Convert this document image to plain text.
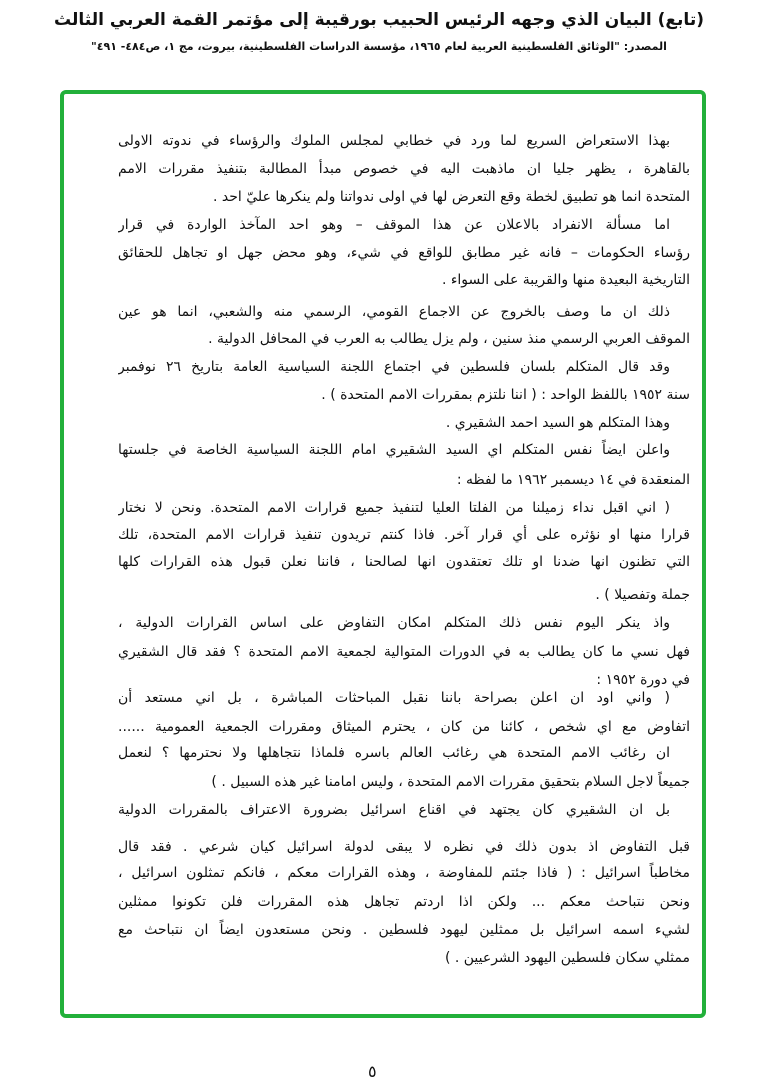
(تابع) البيان الذي وجهه الرئيس الحبيب بورقيبة إلى مؤتمر القمة العربي الثالث
المصدر: "الوثائق الفلسطينية العربية لعام ١٩٦٥، مؤسسة الدراسات الفلسطينية، بيروت، مج ١، ص٤٨٤- ٤٩١"
بهذا الاستعراض السريع لما ورد في خطابي لمجلس الملوك والرؤساء في ندوته الاولى
بالقاهرة ، يظهر جليا ان ماذهبت اليه في خصوص مبدأ المطالبة بتنفيذ مقررات الامم
المتحدة انما هو تطبيق لخطة وقع التعرض لها في اولى ندواتنا ولم ينكرها عليّ احد .
اما مسألة الانفراد بالاعلان عن هذا الموقف – وهو احد المآخذ الواردة في قرار
رؤساء الحكومات – فانه غير مطابق للواقع في شيء، وهو محض جهل او تجاهل للحقائق
التاريخية البعيدة منها والقريبة على السواء .
ذلك ان ما وصف بالخروج عن الاجماع القومي، الرسمي منه والشعبي، انما هو عين
الموقف العربي الرسمي منذ سنين ، ولم يزل يطالب به العرب في المحافل الدولية .
وقد قال المتكلم بلسان فلسطين في اجتماع اللجنة السياسية العامة بتاريخ ٢٦ نوفمبر
سنة ١٩٥٢ باللفظ الواحد : ( اننا نلتزم بمقررات الامم المتحدة ) .
وهذا المتكلم هو السيد احمد الشقيري .
واعلن ايضاً نفس المتكلم اي السيد الشقيري امام اللجنة السياسية الخاصة في جلستها
المنعقدة في ١٤ ديسمبر ١٩٦٢ ما لفظه :
( اني اقبل نداء زميلنا من الفلتا العليا لتنفيذ جميع قرارات الامم المتحدة. ونحن لا نختار
قرارا منها او نؤثره على أي قرار آخر. فاذا كنتم تريدون تنفيذ قرارات الامم المتحدة، تلك
التي تظنون انها ضدنا او تلك تعتقدون انها لصالحنا ، فاننا نعلن قبول هذه القرارات كلها
جملة وتفصيلا ) .
واذ ينكر اليوم نفس ذلك المتكلم امكان التفاوض على اساس القرارات الدولية ،
فهل نسي ما كان يطالب به في الدورات المتوالية لجمعية الامم المتحدة ؟ فقد قال الشقيري
في دورة ١٩٥٢ :
( واني اود ان اعلن بصراحة باننا نقبل المباحثات المباشرة ، بل اني مستعد أن
اتفاوض مع اي شخص ، كائنا من كان ، يحترم الميثاق ومقررات الجمعية العمومية ......
ان رغائب الامم المتحدة هي رغائب العالم باسره فلماذا نتجاهلها ولا نحترمها ؟ لنعمل
جميعاً لاجل السلام بتحقيق مقررات الامم المتحدة ، وليس امامنا غير هذه السبيل . )
بل ان الشقيري كان يجتهد في اقناع اسرائيل بضرورة الاعتراف بالمقررات الدولية
قبل التفاوض اذ بدون ذلك في نظره لا يبقى لدولة اسرائيل كيان شرعي . فقد قال
مخاطباً اسرائيل : ( فاذا جئتم للمفاوضة ، وهذه القرارات معكم ، فانكم تمثلون اسرائيل ،
ونحن نتباحث معكم ... ولكن اذا اردتم تجاهل هذه المقررات فلن تكونوا ممثلين
لشيء اسمه اسرائيل بل ممثلين ليهود فلسطين . ونحن مستعدون ايضاً ان نتباحث مع
ممثلي سكان فلسطين اليهود الشرعيين . )
٥
